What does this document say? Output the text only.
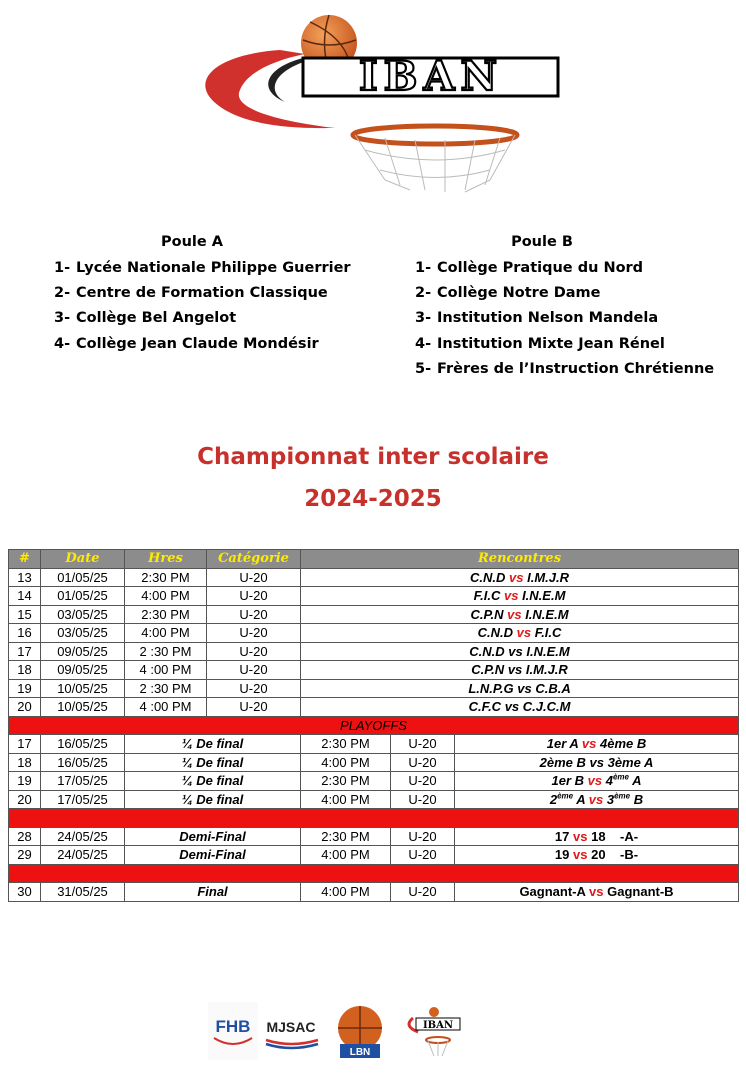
IBAN
Poule A
1- Lycée Nationale Philippe Guerrier
2- Centre de Formation Classique
3- Collège Bel Angelot
4- Collège Jean Claude Mondésir
Poule B
1- Collège Pratique du Nord
2- Collège Notre Dame
3- Institution Nelson Mandela
4- Institution Mixte Jean Rénel
5- Frères de l’Instruction Chrétienne
Championnat inter scolaire
2024-2025
#	Date	Hres	Catégorie	Rencontres		
13	01/05/25	2:30 PM	U-20	C.N.D vs I.M.J.R		
14	01/05/25	4:00 PM	U-20	F.I.C vs I.N.E.M		
15	03/05/25	2:30 PM	U-20	C.P.N vs I.N.E.M		
16	03/05/25	4:00 PM	U-20	C.N.D vs F.I.C		
17	09/05/25	2 :30 PM	U-20	C.N.D vs I.N.E.M		
18	09/05/25	4 :00 PM	U-20	C.P.N vs I.M.J.R		
19	10/05/25	2 :30 PM	U-20	L.N.P.G vs C.B.A		
20	10/05/25	4 :00 PM	U-20	C.F.C vs C.J.C.M		
PLAYOFFS						
17	16/05/25	¼ De final		2:30 PM	U-20	1er A vs 4ème B
18	16/05/25	¼ De final		4:00 PM	U-20	2ème B vs 3ème A
19	17/05/25	¼ De final		2:30 PM	U-20	1er B vs 4ème A
20	17/05/25	¼ De final		4:00 PM	U-20	2ème A vs 3ème B

28	24/05/25	Demi-Final		2:30 PM	U-20	17 vs 18 -A-
29	24/05/25	Demi-Final		4:00 PM	U-20	19 vs 20 -B-

30	31/05/25	Final		4:00 PM	U-20	Gagnant-A vs Gagnant-B
FHB MJSAC
LBN
IBAN
